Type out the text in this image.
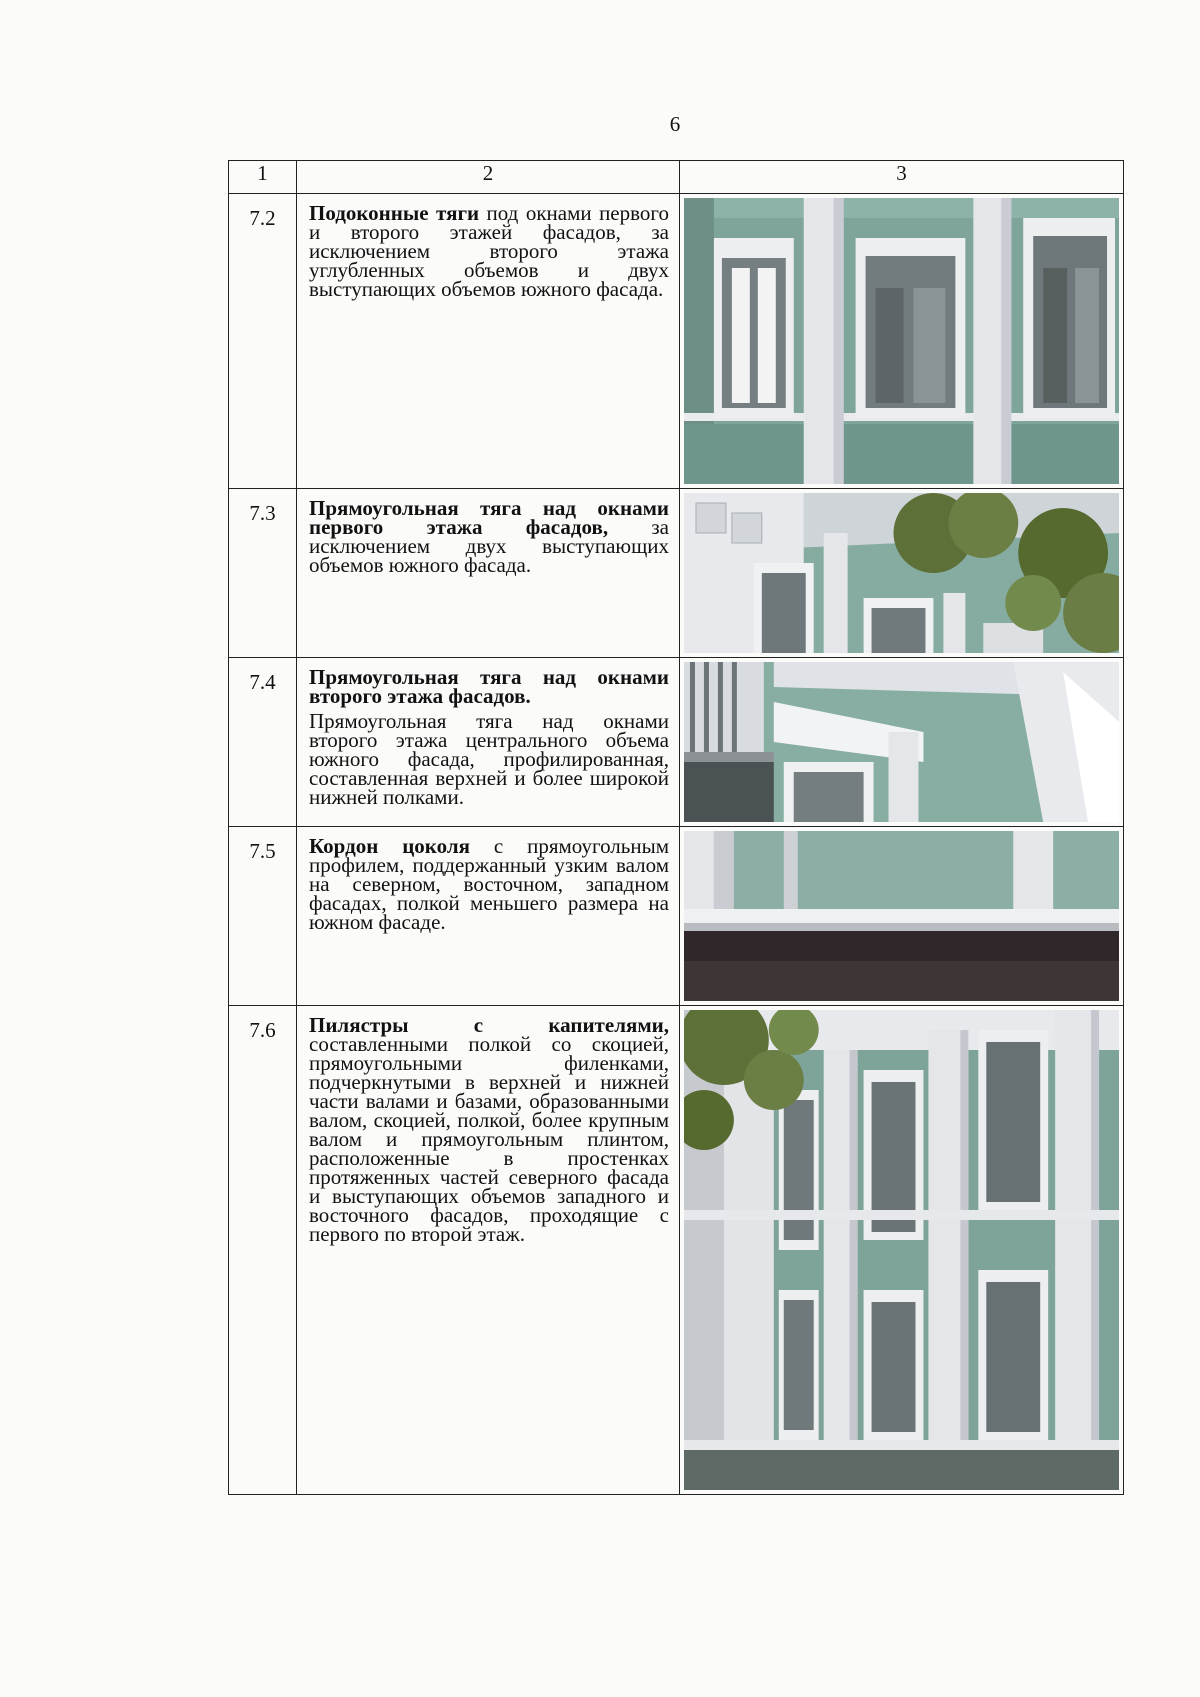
6
1	2	3
7.2	Подоконные тяги под окнами первого и второго этажей фасадов, за исключением второго этажа углубленных объемов и двух выступающих объемов южного фасада.	

7.3	Прямоугольная тяга над окнами первого этажа фасадов, за исключением двух выступающих объемов южного фасада.	

7.4	Прямоугольная тяга над окнами второго этажа фасадов.
Прямоугольная тяга над окнами второго этажа центрального объема южного фасада, профилированная, составленная верхней и более широкой нижней полками.

7.5	Кордон цоколя с прямоугольным профилем, поддержанный узким валом на северном, восточном, западном фасадах, полкой меньшего размера на южном фасаде.	

7.6	Пилястры с капителями, составленными полкой со скоцией, прямоугольными филенками, подчеркнутыми в верхней и нижней части валами и базами, образованными валом, скоцией, полкой, более крупным валом и прямоугольным плинтом, расположенные в простенках протяженных частей северного фасада и выступающих объемов западного и восточного фасадов, проходящие с первого по второй этаж.	
